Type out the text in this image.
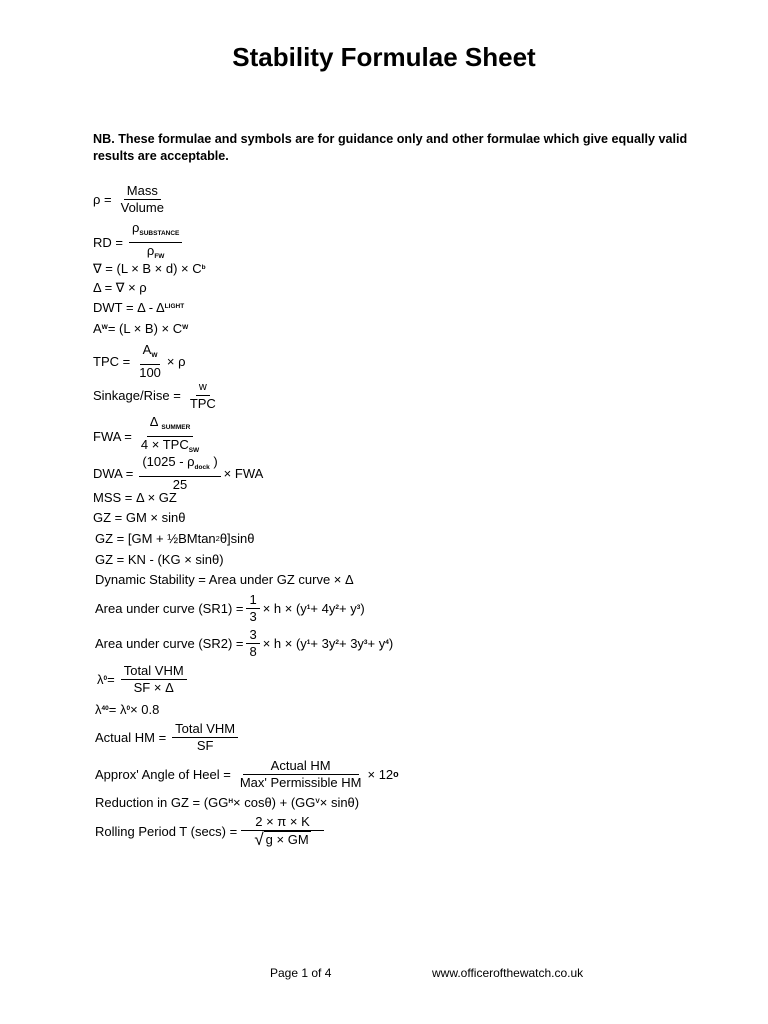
Stability Formulae Sheet
NB. These formulae and symbols are for guidance only and other formulae which give equally valid results are acceptable.
$\rho = \frac{\text{Mass}}{\text{Volume}}$
RD = $\frac{\rho_{SUBSTANCE}}{\rho_{FW}}$
∇ = (L × B × d) × C b
Δ = ∇ × ρ
DWT = Δ - Δ LIGHT
A W = (L × B) × C W
TPC = $\frac{A_W}{100} \times \rho$
Sinkage/Rise = $\frac{w}{\text{TPC}}$
FWA = $\frac{\Delta _{SUMMER}}{4 \times TPC_{SW}}$
DWA = $\frac{(1025 - \rho_{dock} )}{25}$ × FWA
MSS = Δ × GZ
GZ = GM × sinθ
GZ = [GM + ½BMtan 2 θ]sinθ
GZ = KN - (KG × sinθ)
Dynamic Stability = Area under GZ curve × Δ
Area under curve $(SR1) = \frac{1}{3} \times h \times (y$ 1 + 4y 2 + y 3 )
Area under curve $(SR2) = \frac{3}{8} \times h \times (y$ 1 + 3y 2 + 3y 3 + y 4 )
λ $0 = \frac{\text{Total VHM}}{SF \times \Delta}$
λ 40 = λ 0 × 0.8
Actual HM = $\frac{\text{Total VHM}}{SF}$
Approx' Angle of Heel = $\frac{\text{Actual HM}}{\text{Max' Permissible HM}} \times 12$ o
Reduction in GZ = (GG H × cosθ) + (GG V × sinθ)
Rolling Period T $(\sec s) = \frac{2 \times \pi \times K}{√ g \times GM}$
Page 1 of 4	www.officerofthewatch.co.uk
